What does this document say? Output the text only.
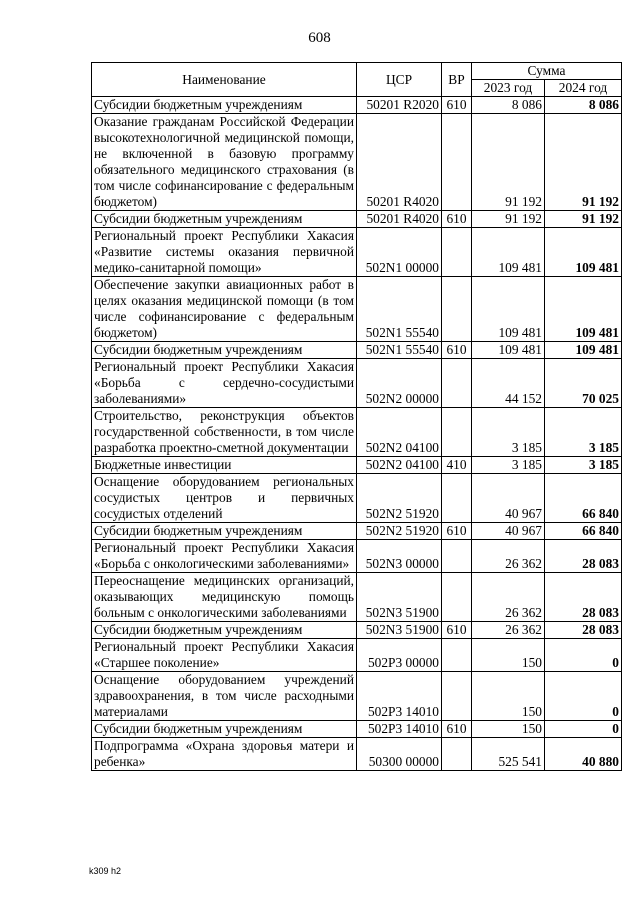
608
Наименование	ЦСР	ВР	Сумма	
			2023 год	2024 год
Субсидии бюджетным учреждениям	50201 R2020	610	8 086	8 086
Оказание гражданам Российской Федерации высокотехнологичной медицинской помощи, не включенной в базовую программу обязательного медицинского страхования (в том числе софинансирование с федеральным бюджетом)	50201 R4020		91 192	91 192
Субсидии бюджетным учреждениям	50201 R4020	610	91 192	91 192
Региональный проект Республики Хакасия «Развитие системы оказания первичной медико-санитарной помощи»	502N1 00000		109 481	109 481
Обеспечение закупки авиационных работ в целях оказания медицинской помощи (в том числе софинансирование с федеральным бюджетом)	502N1 55540		109 481	109 481
Субсидии бюджетным учреждениям	502N1 55540	610	109 481	109 481
Региональный проект Республики Хакасия «Борьба с сердечно-сосудистыми заболеваниями»	502N2 00000		44 152	70 025
Строительство, реконструкция объектов государственной собственности, в том числе разработка проектно-сметной документации	502N2 04100		3 185	3 185
Бюджетные инвестиции	502N2 04100	410	3 185	3 185
Оснащение оборудованием региональных сосудистых центров и первичных сосудистых отделений	502N2 51920		40 967	66 840
Субсидии бюджетным учреждениям	502N2 51920	610	40 967	66 840
Региональный проект Республики Хакасия «Борьба с онкологическими заболеваниями»	502N3 00000		26 362	28 083
Переоснащение медицинских организаций, оказывающих медицинскую помощь больным с онкологическими заболеваниями	502N3 51900		26 362	28 083
Субсидии бюджетным учреждениям	502N3 51900	610	26 362	28 083
Региональный проект Республики Хакасия «Старшее поколение»	502P3 00000		150	0
Оснащение оборудованием учреждений здравоохранения, в том числе расходными материалами	502P3 14010		150	0
Субсидии бюджетным учреждениям	502P3 14010	610	150	0
Подпрограмма «Охрана здоровья матери и ребенка»	50300 00000		525 541	40 880
k309 h2
